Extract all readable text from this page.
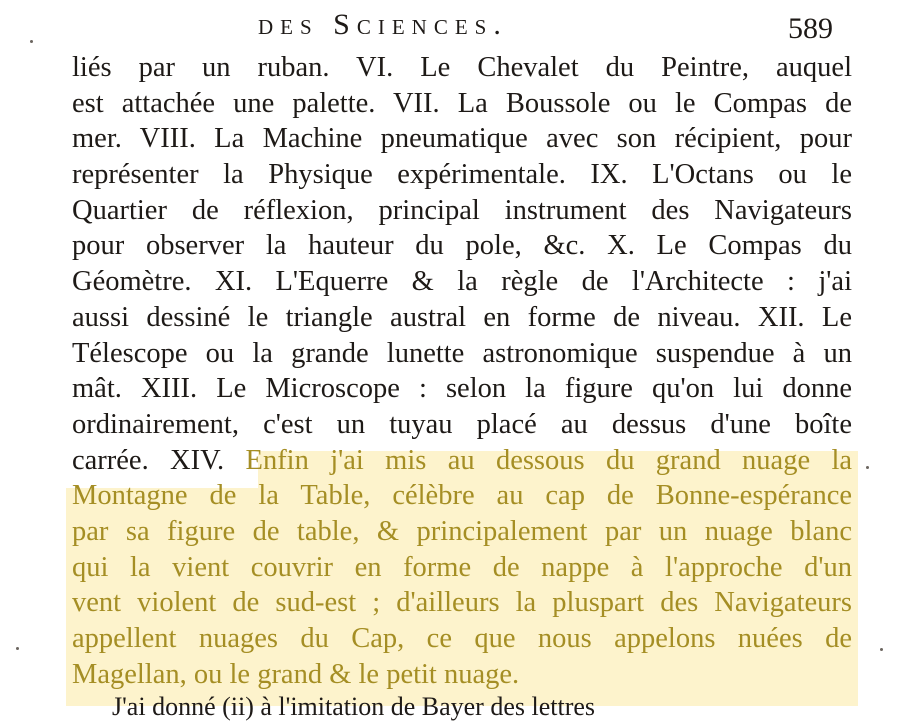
des Sciences.	589
liés par un ruban. VI. Le Chevalet du Peintre, auquel
est attachée une palette. VII. La Boussole ou le Compas de
mer. VIII. La Machine pneumatique avec son récipient, pour
représenter la Physique expérimentale. IX. L'Octans ou le
Quartier de réflexion, principal instrument des Navigateurs
pour observer la hauteur du pole, &c. X. Le Compas du
Géomètre. XI. L'Equerre & la règle de l'Architecte : j'ai
aussi dessiné le triangle austral en forme de niveau. XII. Le
Télescope ou la grande lunette astronomique suspendue à un
mât. XIII. Le Microscope : selon la figure qu'on lui donne
ordinairement, c'est un tuyau placé au dessus d'une boîte
carrée. XIV. Enfin j'ai mis au dessous du grand nuage la
Montagne de la Table, célèbre au cap de Bonne-espérance
par sa figure de table, & principalement par un nuage blanc
qui la vient couvrir en forme de nappe à l'approche d'un
vent violent de sud-est ; d'ailleurs la pluspart des Navigateurs
appellent nuages du Cap, ce que nous appelons nuées de
Magellan, ou le grand & le petit nuage.
J'ai donné (ii) à l'imitation de Bayer des lettres
